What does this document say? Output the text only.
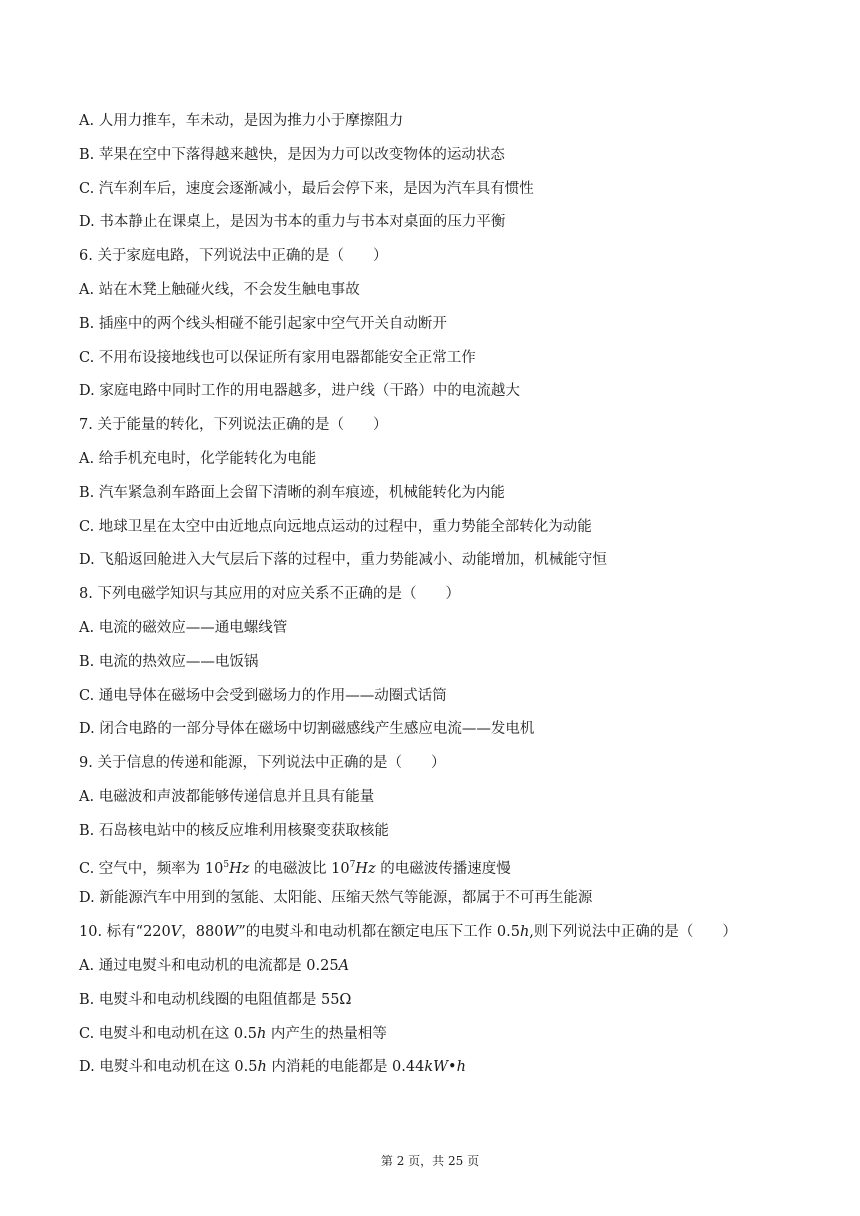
A. 人用力推车，车未动，是因为推力小于摩擦阻力
B. 苹果在空中下落得越来越快，是因为力可以改变物体的运动状态
C. 汽车刹车后，速度会逐渐减小，最后会停下来，是因为汽车具有惯性
D. 书本静止在课桌上，是因为书本的重力与书本对桌面的压力平衡
6. 关于家庭电路，下列说法中正确的是（　　）
A. 站在木凳上触碰火线，不会发生触电事故
B. 插座中的两个线头相碰不能引起家中空气开关自动断开
C. 不用布设接地线也可以保证所有家用电器都能安全正常工作
D. 家庭电路中同时工作的用电器越多，进户线（干路）中的电流越大
7. 关于能量的转化，下列说法正确的是（　　）
A. 给手机充电时，化学能转化为电能
B. 汽车紧急刹车路面上会留下清晰的刹车痕迹，机械能转化为内能
C. 地球卫星在太空中由近地点向远地点运动的过程中，重力势能全部转化为动能
D. 飞船返回舱进入大气层后下落的过程中，重力势能减小、动能增加，机械能守恒
8. 下列电磁学知识与其应用的对应关系不正确的是（　　）
A. 电流的磁效应——通电螺线管
B. 电流的热效应——电饭锅
C. 通电导体在磁场中会受到磁场力的作用——动圈式话筒
D. 闭合电路的一部分导体在磁场中切割磁感线产生感应电流——发电机
9. 关于信息的传递和能源，下列说法中正确的是（　　）
A. 电磁波和声波都能够传递信息并且具有能量
B. 石岛核电站中的核反应堆利用核聚变获取核能
C. 空气中，频率为 $10^5Hz$ 的电磁波比 $10^7Hz$ 的电磁波传播速度慢
D. 新能源汽车中用到的氢能、太阳能、压缩天然气等能源，都属于不可再生能源
10. 标有“220V，880W”的电熨斗和电动机都在额定电压下工作 0.5h,则下列说法中正确的是（　　）
A. 通过电熨斗和电动机的电流都是 0.25A
B. 电熨斗和电动机线圈的电阻值都是 55Ω
C. 电熨斗和电动机在这 0.5h 内产生的热量相等
D. 电熨斗和电动机在这 0.5h 内消耗的电能都是 0.44kW•h
第 2 页，共 25 页
